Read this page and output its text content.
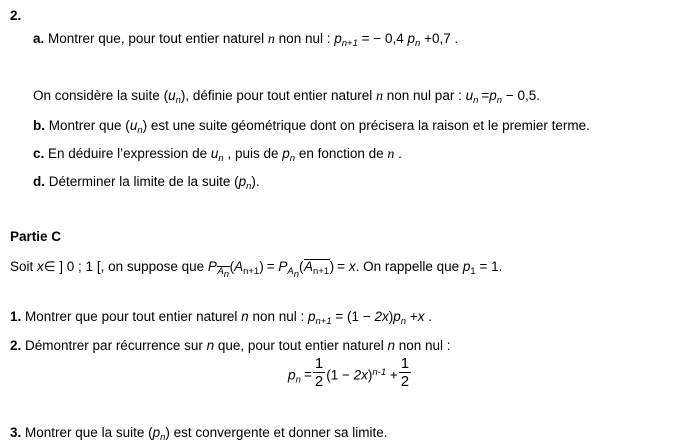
2.
a. Montrer que, pour tout entier naturel n non nul : $p_{n+1}$ = − 0,4 $p_n +0,7$ .
On considère la suite $(u_n)$, définie pour tout entier naturel n non nul par : $u_n =p_n - 0,5$.
b. Montrer que $(u_n)$ est une suite géométrique dont on précisera la raison et le premier terme.
c. En déduire l’expression de $u_n$ , puis de $p_n$ en fonction de n .
d. Déterminer la limite de la suite $(p_n)$.
Partie C
Soit x∈ ] 0 ; 1 [, on suppose que $P_{An}(A_{n+1}) = P_{An}(A_{n+1}) = x$. On rappelle que $p_1 = 1$.
1. Montrer que pour tout entier naturel n non nul : $p_{n+1} = (1 - 2x)p_n +x$ .
2. Démontrer par récurrence sur n que, pour tout entier naturel n non nul :
$p_n = \frac{1}{2} (1 - 2x)^{n-1} + \frac{1}{2}$
3. Montrer que la suite $(p_n)$ est convergente et donner sa limite.
